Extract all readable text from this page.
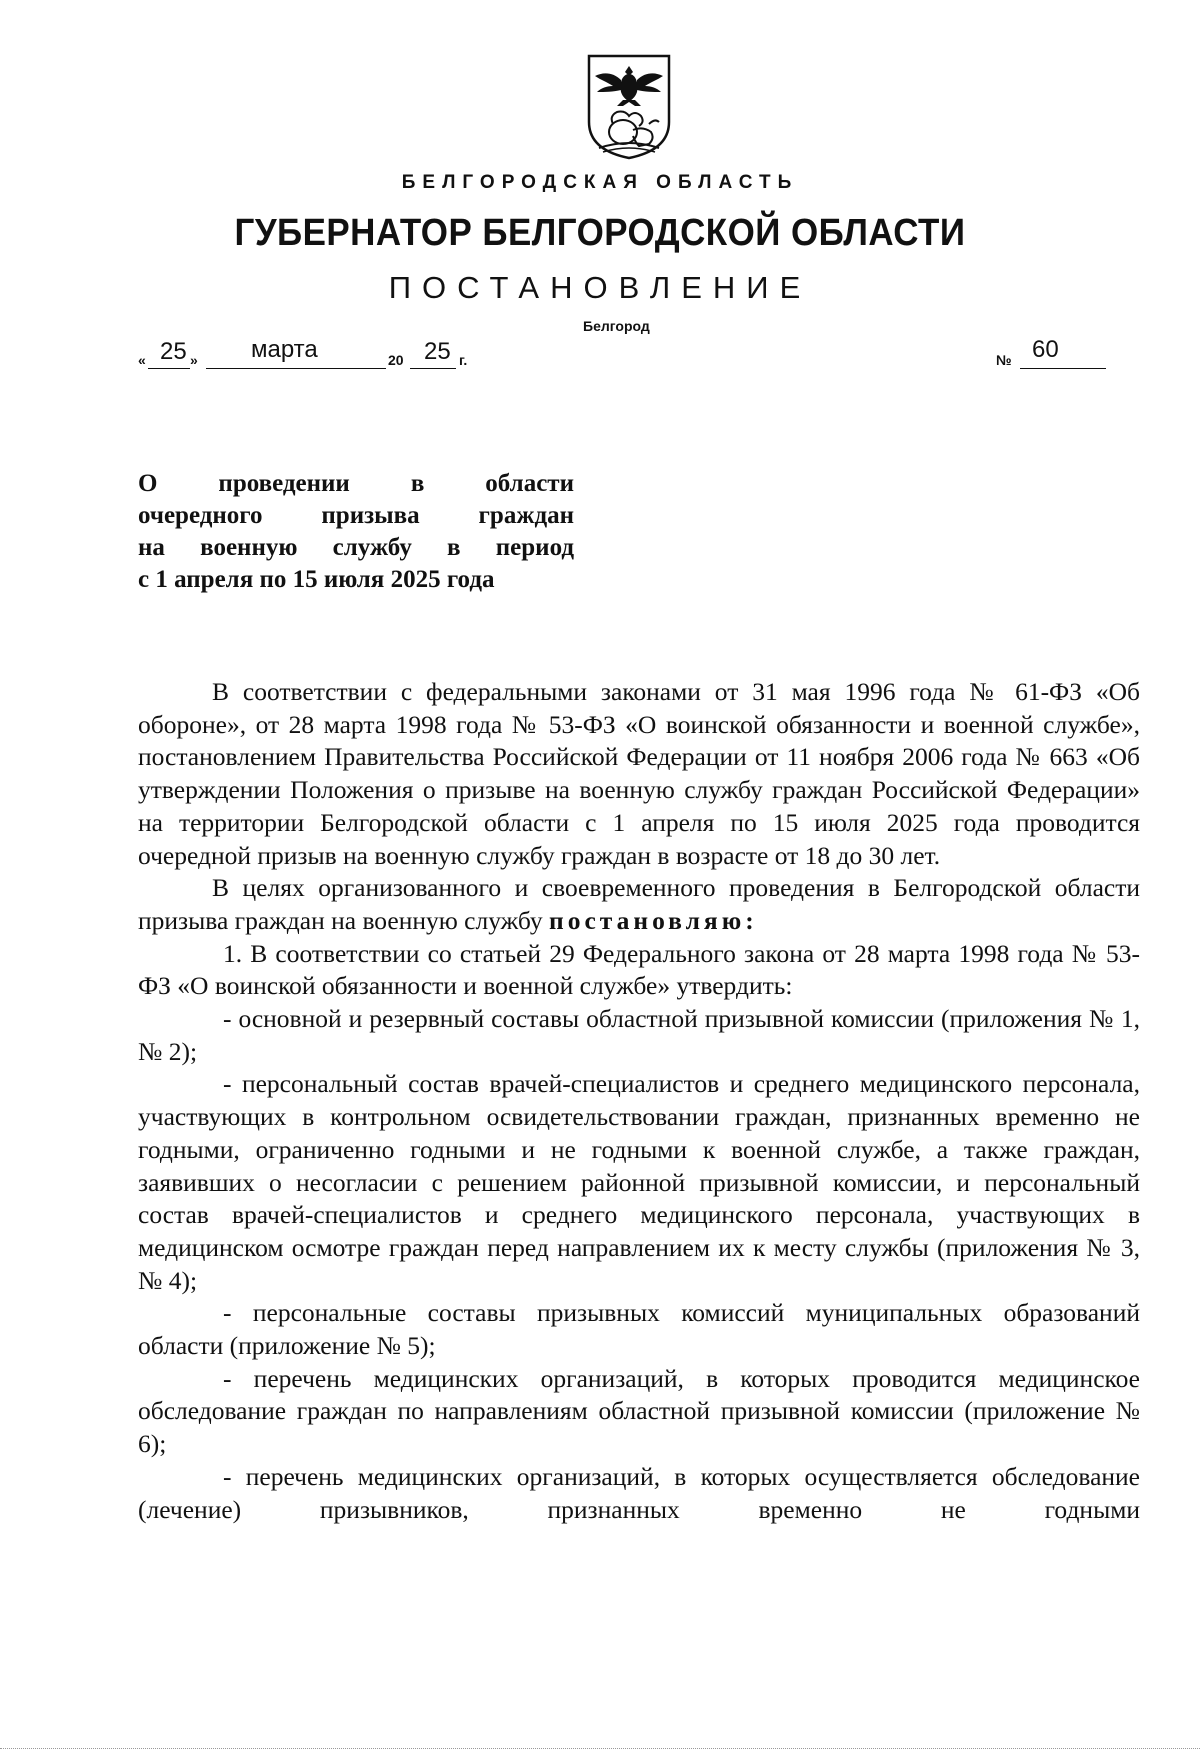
БЕЛГОРОДСКАЯ ОБЛАСТЬ
ГУБЕРНАТОР БЕЛГОРОДСКОЙ ОБЛАСТИ
ПОСТАНОВЛЕНИЕ
Белгород
« 25 » марта	20 25 г.	№ 60
О проведении в области
очередного призыва граждан
на военную службу в период
с 1 апреля по 15 июля 2025 года

В соответствии с федеральными законами от 31 мая 1996 года № 61-ФЗ «Об обороне», от 28 марта 1998 года № 53-ФЗ «О воинской обязанности и военной службе», постановлением Правительства Российской Федерации от 11 ноября 2006 года № 663 «Об утверждении Положения о призыве на военную службу граждан Российской Федерации» на территории Белгородской области с 1 апреля по 15 июля 2025 года проводится очередной призыв на военную службу граждан в возрасте от 18 до 30 лет.

В целях организованного и своевременного проведения в Белгородской области призыва граждан на военную службу постановляю:

1. В соответствии со статьей 29 Федерального закона от 28 марта 1998 года № 53-ФЗ «О воинской обязанности и военной службе» утвердить:

- основной и резервный составы областной призывной комиссии (приложения № 1, № 2);

- персональный состав врачей-специалистов и среднего медицинского персонала, участвующих в контрольном освидетельствовании граждан, признанных временно не годными, ограниченно годными и не годными к военной службе, а также граждан, заявивших о несогласии с решением районной призывной комиссии, и персональный состав врачей-специалистов и среднего медицинского персонала, участвующих в медицинском осмотре граждан перед направлением их к месту службы (приложения № 3, № 4);

- персональные составы призывных комиссий муниципальных образований области (приложение № 5);

- перечень медицинских организаций, в которых проводится медицинское обследование граждан по направлениям областной призывной комиссии (приложение № 6);

- перечень медицинских организаций, в которых осуществляется обследование (лечение) призывников, признанных временно не годными
